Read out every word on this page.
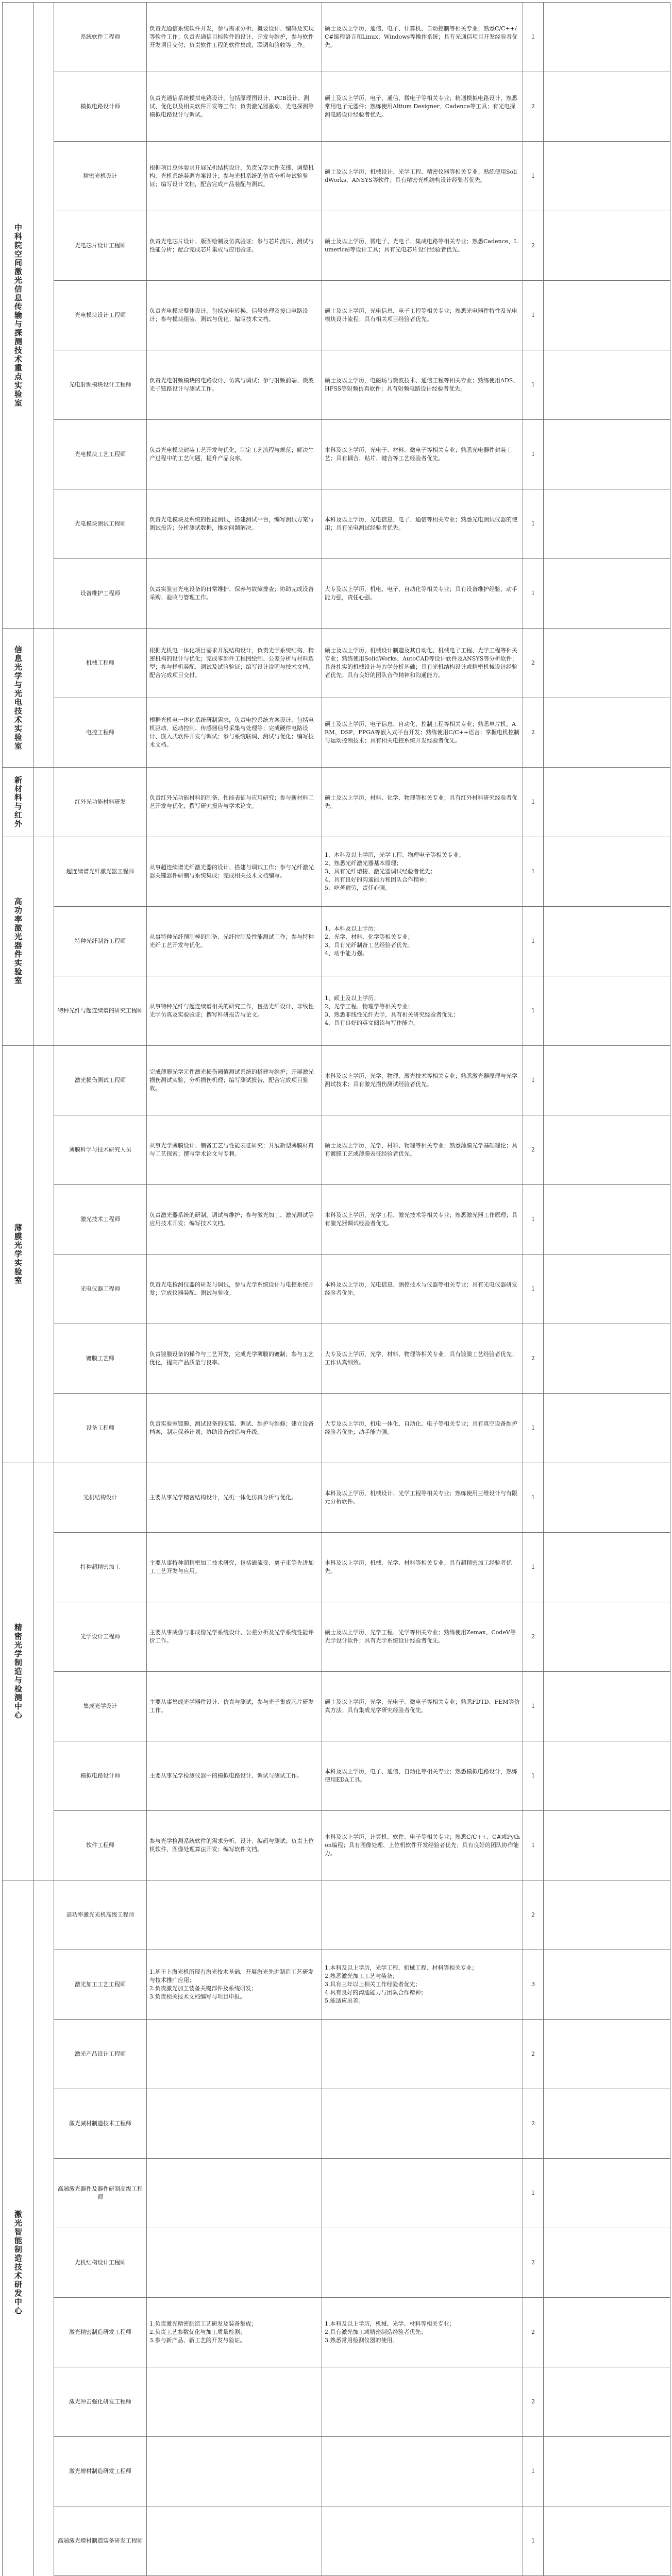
中科院空间激光信息传输与探测技术重点实验室		系统软件工程师	负责光通信系统软件开发，参与需求分析、概要设计、编码及实现等软件工作；负责光通信目标软件的设计、开发与维护，参与软件开发项目交付；负责软件工程的软件集成、联调和验收等工作。	硕士及以上学历，通信、电子、计算机、自动控制等相关专业；熟悉C/C++/C#编程语言和Linux、Windows等操作系统；具有光通信项目开发经验者优先。	1	
		模拟电路设计师	负责光通信系统模拟电路设计，包括原理图设计、PCB设计、测试、优化以及相关软件开发等工作；负责激光器驱动、光电探测等模拟电路设计与调试。	硕士及以上学历，电子、通信、微电子等相关专业；精通模拟电路设计，熟悉常用电子元器件；熟练使用Altium Designer、Cadence等工具；有光电探测电路设计经验者优先。	2	
		精密光机设计	根据项目总体要求开展光机结构设计，负责光学元件支撑、调整机构、光机系统装调方案设计；参与光机系统的仿真分析与试验验证；编写设计文档，配合完成产品装配与测试。	硕士及以上学历，机械设计、光学工程、精密仪器等相关专业；熟练使用SolidWorks、ANSYS等软件；具有精密光机结构设计经验者优先。	1	
		光电芯片设计工程师	负责光电芯片设计、版图绘制及仿真验证；参与芯片流片、测试与性能分析；配合完成芯片集成与应用验证。	硕士及以上学历，微电子、光电子、集成电路等相关专业；熟悉Cadence、Lumerical等设计工具；具有光电芯片设计经验者优先。	2	
		光电模块设计工程师	负责光电模块整体设计，包括光电转换、信号处理及接口电路设计；参与模块组装、测试与优化；编写技术文档。	硕士及以上学历，光电信息、电子工程等相关专业；熟悉光电器件特性及光电模块设计流程；具有相关项目经验者优先。	1	
		光电射频模块设计工程师	负责光电射频模块的电路设计、仿真与调试；参与射频前端、微波光子链路设计与测试工作。	硕士及以上学历，电磁场与微波技术、通信工程等相关专业；熟练使用ADS、HFSS等射频仿真软件；具有射频电路设计经验者优先。	1	
		光电模块工艺工程师	负责光电模块封装工艺开发与优化，制定工艺流程与规范；解决生产过程中的工艺问题，提升产品良率。	本科及以上学历，光电子、材料、微电子等相关专业；熟悉光电器件封装工艺；具有耦合、贴片、键合等工艺经验者优先。	1	
		光电模块测试工程师	负责光电模块及系统的性能测试，搭建测试平台，编写测试方案与测试报告；分析测试数据，推动问题解决。	本科及以上学历，光电信息、电子、通信等相关专业；熟悉光电测试仪器的使用；具有光电测试经验者优先。	1	
		设备维护工程师	负责实验室光电设备的日常维护、保养与故障排查；协助完成设备采购、验收与管理工作。	大专及以上学历，机电、电子、自动化等相关专业；具有设备维护经验，动手能力强，责任心强。	1	
信息光学与光电技术实验室		机械工程师	根据光机电一体化项目需求开展结构设计，负责光学系统结构、精密机构的设计与优化；完成零部件工程图绘制、公差分析与材料选型；参与样机装配、调试及试验验证；编写设计说明与技术文档，配合完成项目交付。	硕士及以上学历，机械设计制造及其自动化、机械电子工程、光学工程等相关专业；熟练使用SolidWorks、AutoCAD等设计软件及ANSYS等分析软件；具备扎实的机械设计与力学分析基础；具有光机结构设计或精密机械设计经验者优先；具有良好的团队合作精神和沟通能力。	2	
		电控工程师	根据光机电一体化系统研制需求，负责电控系统方案设计，包括电机驱动、运动控制、传感器信号采集与处理等；完成硬件电路设计、嵌入式软件开发与调试；参与系统联调、测试与优化；编写技术文档。	硕士及以上学历，电子信息、自动化、控制工程等相关专业；熟悉单片机、ARM、DSP、FPGA等嵌入式平台开发；熟练使用C/C++语言；掌握电机控制与运动控制技术；具有相关电控系统开发经验者优先。	2	
新材料与红外		红外光功能材料研发	负责红外光功能材料的制备、性能表征与应用研究；参与新材料工艺开发与优化；撰写研究报告与学术论文。	硕士及以上学历，材料、化学、物理等相关专业；具有红外材料研究经验者优先。	1	
高功率激光器件实验室		超连续谱光纤激光器工程师	从事超连续谱光纤激光器的设计、搭建与调试工作；参与光纤激光器关键器件研制与系统集成；完成相关技术文档编写。	1、本科及以上学历，光学工程、物理电子等相关专业；
2、熟悉光纤激光器基本原理；
3、具有光纤熔接、激光器调试经验者优先；
4、具有良好的沟通能力和团队合作精神；
5、吃苦耐劳，责任心强。	1	
		特种光纤制备工程师	从事特种光纤预制棒的制备、光纤拉制及性能测试工作；参与特种光纤工艺开发与优化。	1、本科及以上学历；
2、光学、材料、化学等相关专业；
3、具有光纤制备工艺经验者优先；
4、动手能力强。	1	
		特种光纤与超连续谱的研究工程师	从事特种光纤与超连续谱相关的研究工作，包括光纤设计、非线性光学仿真及实验验证；撰写科研报告与论文。	1、硕士及以上学历；
2、光学工程、物理学等相关专业；
3、熟悉非线性光纤光学，具有相关研究经验者优先；
4、具有良好的英文阅读与写作能力。	1	
薄膜光学实验室		激光损伤测试工程师	完成薄膜光学元件激光损伤阈值测试系统的搭建与维护；开展激光损伤测试实验，分析损伤机理；编写测试报告，配合完成项目验收。	本科及以上学历，光学、物理、激光技术等相关专业；熟悉激光器原理与光学测试技术；具有激光损伤测试经验者优先。	1	
		薄膜科学与技术研究人员	从事光学薄膜设计、制备工艺与性能表征研究；开展新型薄膜材料与工艺探索；撰写学术论文与专利。	硕士及以上学历，光学、材料、物理等相关专业；熟悉薄膜光学基础理论；具有镀膜工艺或薄膜表征经验者优先。	2	
		激光技术工程师	负责激光器系统的研制、调试与维护；参与激光加工、激光测试等应用技术开发；编写技术文档。	本科及以上学历，光学工程、激光技术等相关专业；熟悉激光器工作原理；具有激光器调试经验者优先。	1	
		光电仪器工程师	负责光电检测仪器的研发与调试，参与光学系统设计与电控系统开发；完成仪器装配、测试与验收。	本科及以上学历，光电信息、测控技术与仪器等相关专业；具有光电仪器研发经验者优先。	1	
		镀膜工艺师	负责镀膜设备的操作与工艺开发，完成光学薄膜的镀制；参与工艺优化，提高产品质量与良率。	大专及以上学历，光学、材料、物理等相关专业；具有镀膜工艺经验者优先；工作认真细致。	2	
		设备工程师	负责实验室镀膜、测试设备的安装、调试、维护与维修；建立设备档案，制定保养计划；协助设备改造与升级。	大专及以上学历，机电一体化、自动化、电子等相关专业；具有真空设备维护经验者优先；动手能力强。	1	
精密光学制造与检测中心		光机结构设计	主要从事光学精密结构设计，光机一体化仿真分析与优化。	本科及以上学历，机械设计、光学工程等相关专业；熟练使用三维设计与有限元分析软件。	1	
		特种超精密加工	主要从事特种超精密加工技术研究，包括磁流变、离子束等先进加工工艺开发与应用。	本科及以上学历，机械、光学、材料等相关专业；具有超精密加工经验者优先。	1	
		光学设计工程师	主要从事成像与非成像光学系统设计、公差分析及光学系统性能评价工作。	硕士及以上学历，光学工程、光学等相关专业；熟练使用Zemax、CodeV等光学设计软件；具有光学系统设计经验者优先。	2	
		集成光学设计	主要从事集成光学器件设计、仿真与测试，参与光子集成芯片研发工作。	硕士及以上学历，光学、光电子、微电子等相关专业；熟悉FDTD、FEM等仿真方法；具有集成光学研究经验者优先。	1	
		模拟电路设计师	主要从事光学检测仪器中的模拟电路设计、调试与测试工作。	本科及以上学历，电子、通信、自动化等相关专业；熟悉模拟电路设计，熟练使用EDA工具。	1	
		软件工程师	参与光学检测系统软件的需求分析、设计、编码与测试；负责上位机软件、图像处理算法开发；编写软件文档。	本科及以上学历，计算机、软件、电子等相关专业；熟悉C/C++、C#或Python编程；具有图像处理、上位机软件开发经验者优先；具有良好的团队协作能力。	1	
激光智能制造技术研发中心		高功率激光光机高级工程师			2	
		激光加工工艺工程师	1.基于上海光机所现有激光技术基础，开展激光先进制造工艺研发与技术推广应用；
2.负责激光加工装备关键部件及系统研发；
3.负责相关技术文档编写与项目申报。	1.本科及以上学历，光学工程、机械工程、材料等相关专业；
2.熟悉激光加工工艺与装备；
3.具有三年以上相关工作经验者优先；
4.具有良好的沟通能力与团队合作精神；
5.能适应出差。	3	
		激光产品设计工程师			2	
		激光减材制造技术工程师			2	
		高端激光器件及器件研制高级工程师			1	
		光机结构设计工程师			2	
		激光精密制造研发工程师	1.负责激光精密制造工艺研发及装备集成；
2.负责工艺参数优化与加工质量检测；
3.参与新产品、新工艺的开发与验证。	1.本科及以上学历，机械、光学、材料等相关专业；
2.具有激光加工或精密制造经验者优先；
3.熟悉常用检测仪器的使用。	2	
		激光冲击强化研发工程师			2	
		激光增材制造研发工程师			1	
		高端激光增材制造装备研发工程师			1	
